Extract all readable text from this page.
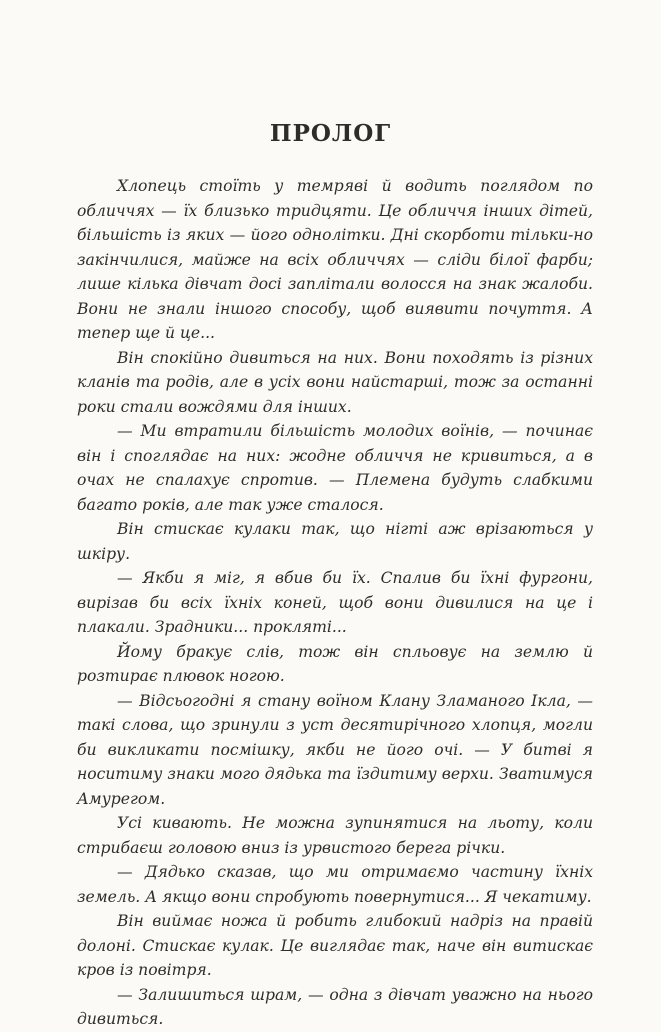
ПРОЛОГ

Хлопець стоїть у темряві й водить поглядом по обличчях — їх близько тридцяти. Це обличчя інших дітей, більшість із яких — його однолітки. Дні скорботи тільки-но закінчилися, майже на всіх обличчях — сліди білої фарби; лише кілька дівчат досі заплітали волосся на знак жалоби. Вони не знали іншого способу, щоб виявити почуття. А тепер ще й це...

Він спокійно дивиться на них. Вони походять із різних кланів та родів, але в усіх вони найстарші, тож за останні роки стали вождями для інших.

— Ми втратили більшість молодих воїнів, — починає він і споглядає на них: жодне обличчя не кривиться, а в очах не спалахує спротив. — Племена будуть слабкими багато років, але так уже сталося.

Він стискає кулаки так, що нігті аж врізаються у шкіру.

— Якби я міг, я вбив би їх. Спалив би їхні фургони, вирізав би всіх їхніх коней, щоб вони дивилися на це і плакали. Зрадники... прокляті...

Йому бракує слів, тож він спльовує на землю й розтирає плювок ногою.

— Відсьогодні я стану воїном Клану Зламаного Ікла, — такі слова, що зринули з уст десятирічного хлопця, могли би викликати посмішку, якби не його очі. — У битві я носитиму знаки мого дядька та їздитиму верхи. Зватимуся Амурегом.

Усі кивають. Не можна зупинятися на льоту, коли стрибаєш головою вниз із урвистого берега річки.

— Дядько сказав, що ми отримаємо частину їхніх земель. А якщо вони спробують повернутися... Я чекатиму.

Він виймає ножа й робить глибокий надріз на правій долоні. Стискає кулак. Це виглядає так, наче він витискає кров із повітря.

— Залишиться шрам, — одна з дівчат уважно на нього дивиться.
